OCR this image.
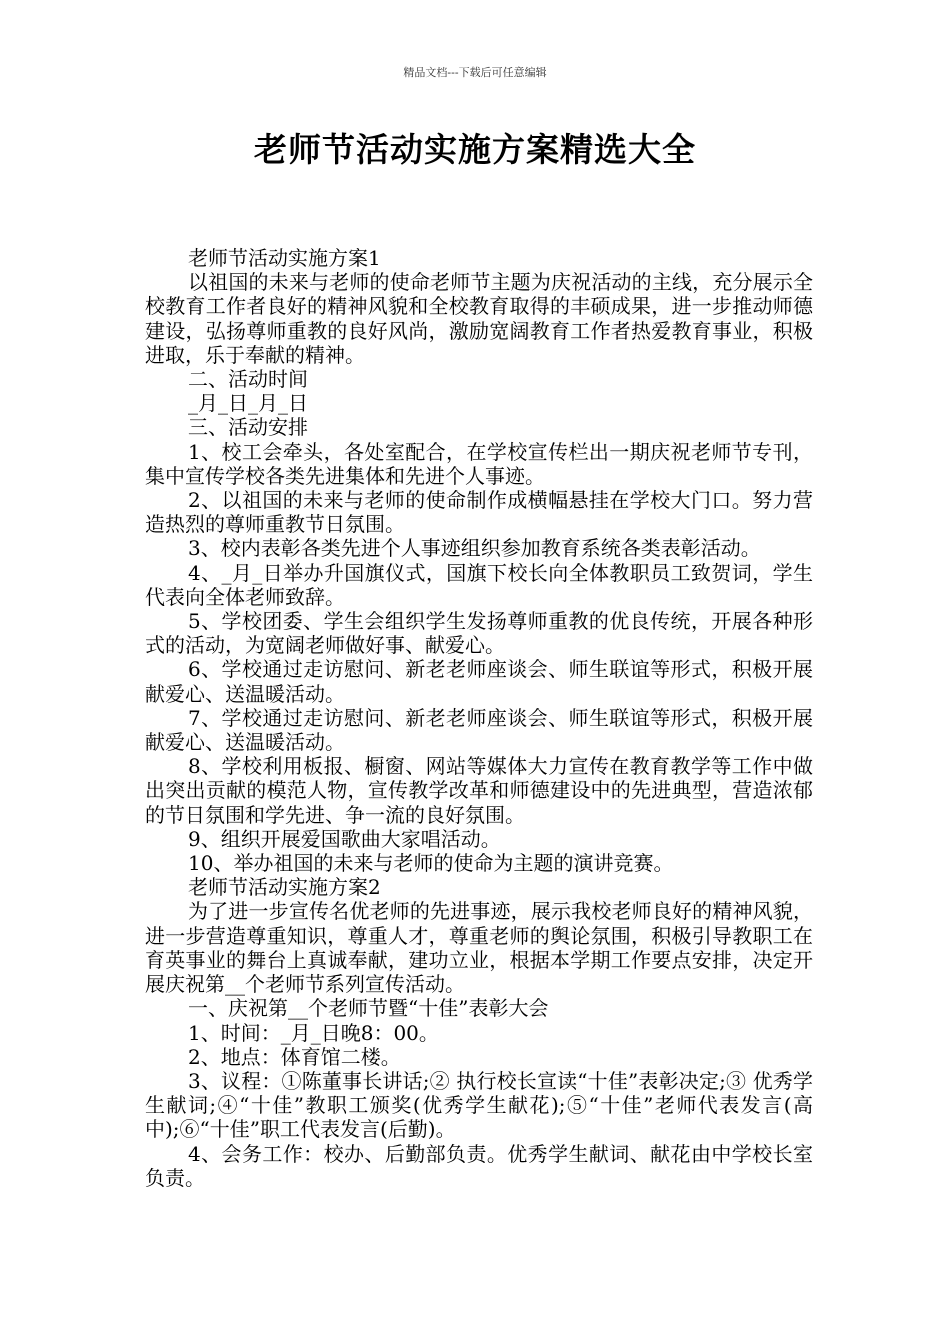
精品文档---下载后可任意编辑
老师节活动实施方案精选大全

老师节活动实施方案1

以祖国的未来与老师的使命老师节主题为庆祝活动的主线，充分展示全校教育工作者良好的精神风貌和全校教育取得的丰硕成果，进一步推动师德建设，弘扬尊师重教的良好风尚，激励宽阔教育工作者热爱教育事业，积极进取，乐于奉献的精神。

二、活动时间

_月_日_月_日

三、活动安排

1、校工会牵头，各处室配合，在学校宣传栏出一期庆祝老师节专刊，集中宣传学校各类先进集体和先进个人事迹。

2、以祖国的未来与老师的使命制作成横幅悬挂在学校大门口。努力营造热烈的尊师重教节日氛围。

3、校内表彰各类先进个人事迹组织参加教育系统各类表彰活动。

4、_月_日举办升国旗仪式，国旗下校长向全体教职员工致贺词，学生代表向全体老师致辞。

5、学校团委、学生会组织学生发扬尊师重教的优良传统，开展各种形式的活动，为宽阔老师做好事、献爱心。

6、学校通过走访慰问、新老老师座谈会、师生联谊等形式，积极开展献爱心、送温暖活动。

7、学校通过走访慰问、新老老师座谈会、师生联谊等形式，积极开展献爱心、送温暖活动。

8、学校利用板报、橱窗、网站等媒体大力宣传在教育教学等工作中做出突出贡献的模范人物，宣传教学改革和师德建设中的先进典型，营造浓郁的节日氛围和学先进、争一流的良好氛围。

9、组织开展爱国歌曲大家唱活动。

10、举办祖国的未来与老师的使命为主题的演讲竞赛。

老师节活动实施方案2

为了进一步宣传名优老师的先进事迹，展示我校老师良好的精神风貌，进一步营造尊重知识，尊重人才，尊重老师的舆论氛围，积极引导教职工在育英事业的舞台上真诚奉献，建功立业，根据本学期工作要点安排，决定开展庆祝第__个老师节系列宣传活动。

一、庆祝第__个老师节暨“十佳”表彰大会

1、时间：_月_日晚8：00。

2、地点：体育馆二楼。

3、议程：①陈董事长讲话;② 执行校长宣读“十佳”表彰决定;③ 优秀学生献词;④“十佳”教职工颁奖(优秀学生献花);⑤“十佳”老师代表发言(高中);⑥“十佳”职工代表发言(后勤)。

4、会务工作：校办、后勤部负责。优秀学生献词、献花由中学校长室负责。
